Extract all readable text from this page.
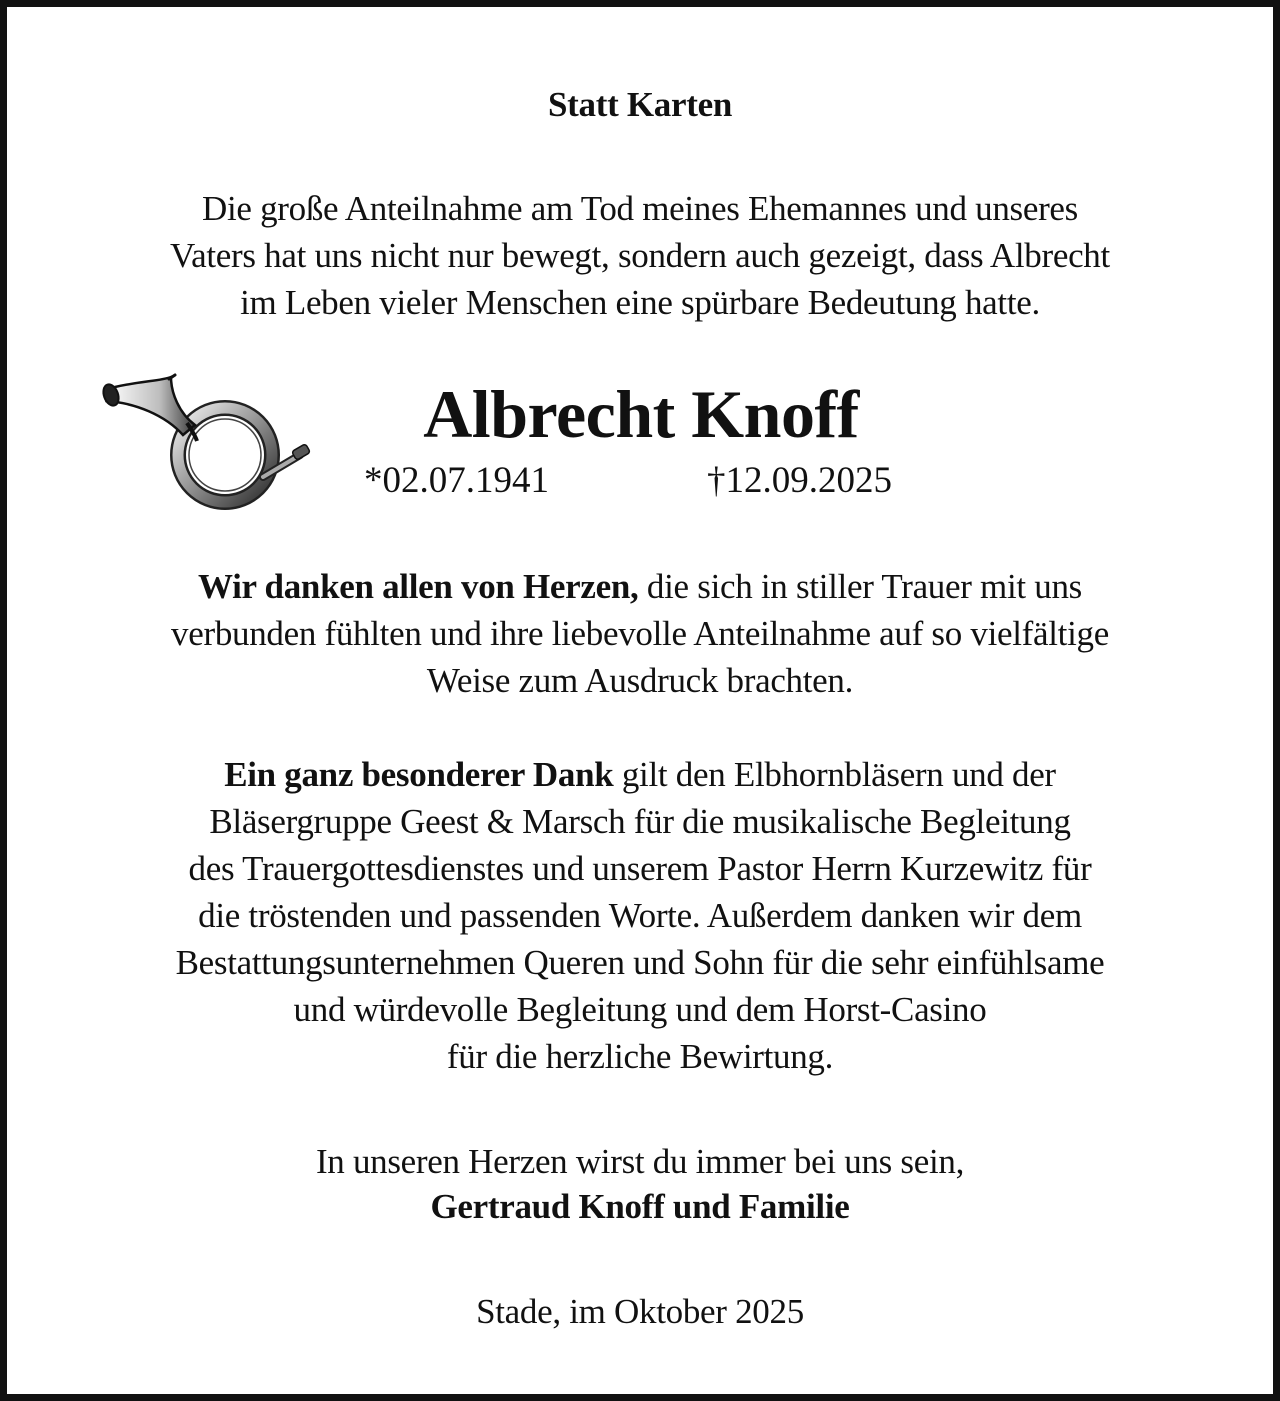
Statt Karten
Die große Anteilnahme am Tod meines Ehemannes und unseres
Vaters hat uns nicht nur bewegt, sondern auch gezeigt, dass Albrecht
im Leben vieler Menschen eine spürbare Bedeutung hatte.
Albrecht Knoff
*02.07.1941	†12.09.2025
Wir danken allen von Herzen, die sich in stiller Trauer mit uns
verbunden fühlten und ihre liebevolle Anteilnahme auf so vielfältige
Weise zum Ausdruck brachten.
Ein ganz besonderer Dank gilt den Elbhornbläsern und der
Bläsergruppe Geest & Marsch für die musikalische Begleitung
des Trauergottesdienstes und unserem Pastor Herrn Kurzewitz für
die tröstenden und passenden Worte. Außerdem danken wir dem
Bestattungsunternehmen Queren und Sohn für die sehr einfühlsame
und würdevolle Begleitung und dem Horst-Casino
für die herzliche Bewirtung.
In unseren Herzen wirst du immer bei uns sein,
Gertraud Knoff und Familie
Stade, im Oktober 2025
